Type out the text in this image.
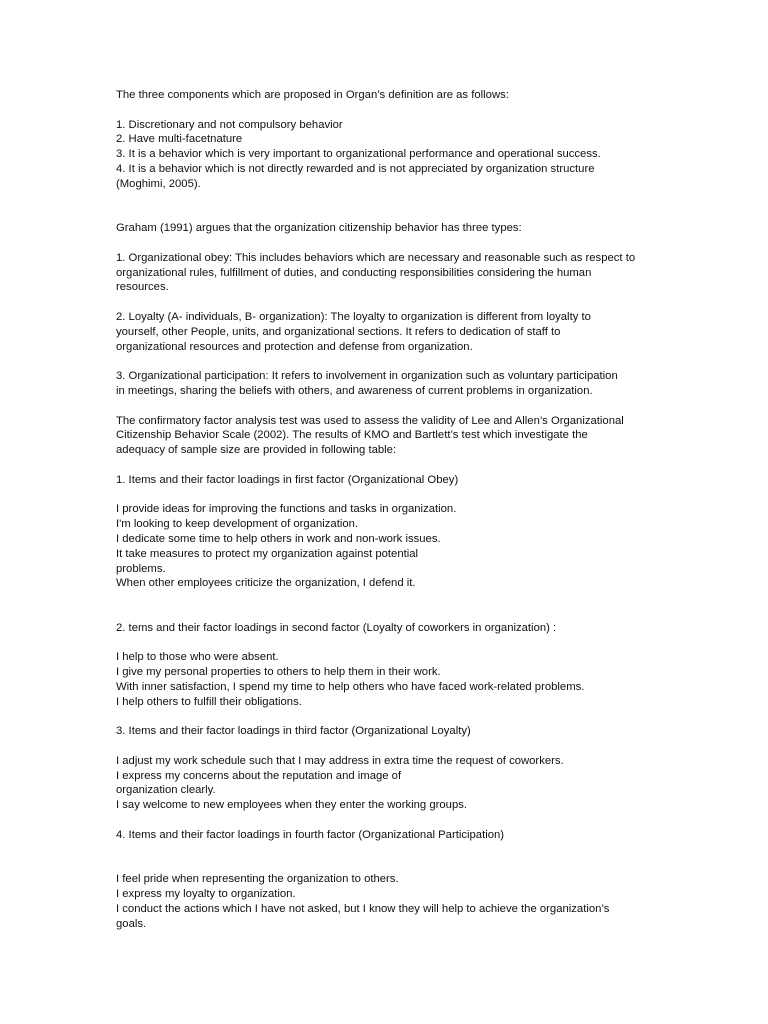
The three components which are proposed in Organ’s definition are as follows:
1. Discretionary and not compulsory behavior
2. Have multi-facetnature
3. It is a behavior which is very important to organizational performance and operational success.
4. It is a behavior which is not directly rewarded and is not appreciated by organization structure
(Moghimi, 2005).
Graham (1991) argues that the organization citizenship behavior has three types:
1. Organizational obey: This includes behaviors which are necessary and reasonable such as respect to
organizational rules, fulfillment of duties, and conducting responsibilities considering the human
resources.
2. Loyalty (A- individuals, B- organization): The loyalty to organization is different from loyalty to
yourself, other People, units, and organizational sections. It refers to dedication of staff to
organizational resources and protection and defense from organization.
3. Organizational participation: It refers to involvement in organization such as voluntary participation
in meetings, sharing the beliefs with others, and awareness of current problems in organization.
The confirmatory factor analysis test was used to assess the validity of Lee and Allen’s Organizational
Citizenship Behavior Scale (2002). The results of KMO and Bartlett’s test which investigate the
adequacy of sample size are provided in following table:
1. Items and their factor loadings in first factor (Organizational Obey)
I provide ideas for improving the functions and tasks in organization.
I'm looking to keep development of organization.
I dedicate some time to help others in work and non-work issues.
It take measures to protect my organization against potential
problems.
When other employees criticize the organization, I defend it.
2. tems and their factor loadings in second factor (Loyalty of coworkers in organization) :
I help to those who were absent.
I give my personal properties to others to help them in their work.
With inner satisfaction, I spend my time to help others who have faced work-related problems.
I help others to fulfill their obligations.
3. Items and their factor loadings in third factor (Organizational Loyalty)
I adjust my work schedule such that I may address in extra time the request of coworkers.
I express my concerns about the reputation and image of
organization clearly.
I say welcome to new employees when they enter the working groups.
4. Items and their factor loadings in fourth factor (Organizational Participation)
I feel pride when representing the organization to others.
I express my loyalty to organization.
I conduct the actions which I have not asked, but I know they will help to achieve the organization’s
goals.
